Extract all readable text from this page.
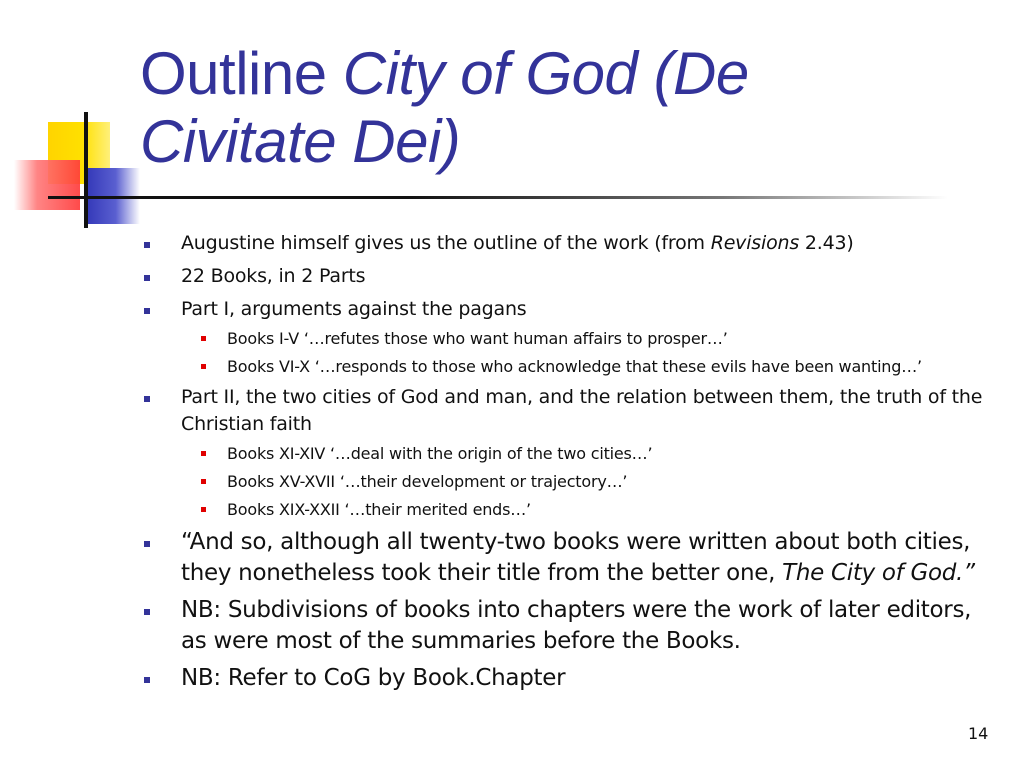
Outline City of God (De Civitate Dei)
Augustine himself gives us the outline of the work (from Revisions 2.43)
22 Books, in 2 Parts
Part I, arguments against the pagans
Books I-V ‘…refutes those who want human affairs to prosper…’
Books VI-X ‘…responds to those who acknowledge that these evils have been wanting…’
Part II, the two cities of God and man, and the relation between them, the truth of the Christian faith
Books XI-XIV ‘…deal with the origin of the two cities…’
Books XV-XVII ‘…their development or trajectory…’
Books XIX-XXII ‘…their merited ends…’
“And so, although all twenty-two books were written about both cities, they nonetheless took their title from the better one, The City of God.”
NB: Subdivisions of books into chapters were the work of later editors, as were most of the summaries before the Books.
NB: Refer to CoG by Book.Chapter
14
